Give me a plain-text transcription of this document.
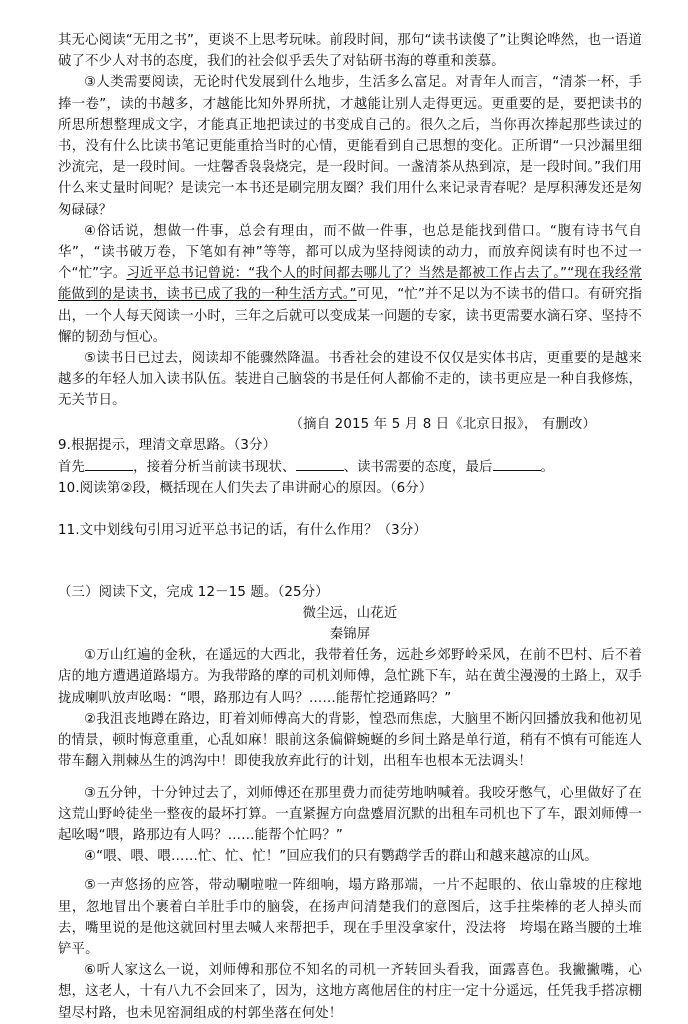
其无心阅读“无用之书”，更谈不上思考玩味。前段时间，那句“读书读傻了”让舆论哗然，也一语道破了不少人对书的态度，我们的社会似乎丢失了对钻研书海的尊重和羡慕。

③人类需要阅读，无论时代发展到什么地步，生活多么富足。对青年人而言，“清茶一杯，手捧一卷”，读的书越多，才越能比知外界所扰，才越能让别人走得更远。更重要的是，要把读书的所思所想整理成文字，才能真正地把读过的书变成自己的。很久之后，当你再次捧起那些读过的书，没有什么比读书笔记更能重拾当时的心情，更能看到自己思想的变化。正所谓“一只沙漏里细沙流完，是一段时间。一炷馨香袅袅烧完，是一段时间。一盏清茶从热到凉，是一段时间。”我们用什么来丈量时间呢？是读完一本书还是刷完朋友圈？我们用什么来记录青春呢？是厚积薄发还是匆匆碌碌？

④俗话说，想做一件事，总会有理由，而不做一件事，也总是能找到借口。“腹有诗书气自华”，“读书破万卷，下笔如有神”等等，都可以成为坚持阅读的动力，而放弃阅读有时也不过一个“忙”字。习近平总书记曾说：“我个人的时间都去哪儿了？当然是都被工作占去了。”“现在我经常能做到的是读书，读书已成了我的一种生活方式。”可见，“忙”并不足以为不读书的借口。有研究指出，一个人每天阅读一小时，三年之后就可以变成某一问题的专家，读书更需要水滴石穿、坚持不懈的韧劲与恒心。

⑤读书日已过去，阅读却不能骤然降温。书香社会的建设不仅仅是实体书店，更重要的是越来越多的年轻人加入读书队伍。装进自己脑袋的书是任何人都偷不走的，读书更应是一种自我修炼，无关节日。

（摘自 2015 年 5 月 8 日《北京日报》， 有删改）

9.根据提示，理清文章思路。（3分）

首先	，接着分析当前读书现状、	、读书需要的态度，最后	。

10.阅读第②段，概括现在人们失去了串讲耐心的原因。（6分）

11.文中划线句引用习近平总书记的话，有什么作用？（3分）

（三）阅读下文，完成 12－15 题。（25分）

微尘远，山花近

秦锦屏

①万山红遍的金秋，在遥远的大西北，我带着任务，远赴乡郊野岭采风，在前不巴村、后不着店的地方遭遇道路塌方。为我带路的摩的司机刘师傅，急忙跳下车，站在黄尘漫漫的土路上，双手拢成喇叭放声吆喝：“喂，路那边有人吗？……能帮忙挖通路吗？”

②我沮丧地蹲在路边，盯着刘师傅高大的背影，惶恐而焦虑，大脑里不断闪回播放我和他初见的情景，顿时悔意重重，心乱如麻！眼前这条偏僻蜿蜒的乡间土路是单行道，稍有不慎有可能连人带车翻入荆棘丛生的鸿沟中！即使我放弃此行的计划，出租车也根本无法调头！

③五分钟，十分钟过去了，刘师傅还在那里费力而徒劳地呐喊着。我咬牙憋气，心里做好了在这荒山野岭徒坐一整夜的最坏打算。一直紧握方向盘蹙眉沉默的出租车司机也下了车，跟刘师傅一起吆喝“喂，路那边有人吗？……能帮个忙吗？”

④“喂、喂、喂……忙、忙、忙！”回应我们的只有鹦鹉学舌的群山和越来越凉的山风。

⑤一声悠扬的应答，带动唰啦啦一阵细响，塌方路那端，一片不起眼的、依山靠坡的庄稼地里，忽地冒出个裹着白羊肚手巾的脑袋，在扬声问清楚我们的意图后，这手拄柴棒的老人掉头而去，嘴里说的是他这就回村里去喊人来帮把手，现在手里没拿家什，没法将　垮塌在路当腰的土堆铲平。

⑥听人家这么一说，刘师傅和那位不知名的司机一齐转回头看我，面露喜色。我撇撇嘴，心想，这老人，十有八九不会回来了，因为，这地方离他居住的村庄一定十分遥远，任凭我手搭凉棚望尽村路，也未见窑洞组成的村郭坐落在何处！
